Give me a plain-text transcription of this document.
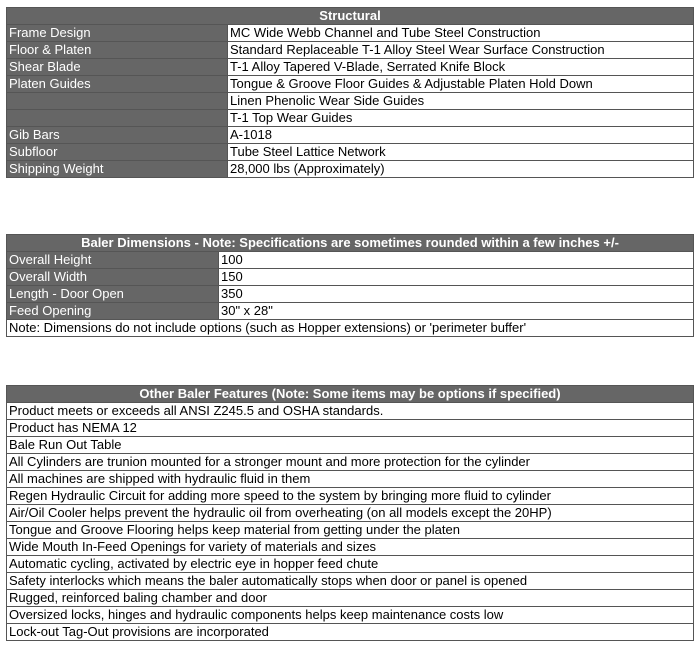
Structural	
Frame Design	MC Wide Webb Channel and Tube Steel Construction
Floor & Platen	Standard Replaceable T-1 Alloy Steel Wear Surface Construction
Shear Blade	T-1 Alloy Tapered V-Blade, Serrated Knife Block
Platen Guides	Tongue & Groove Floor Guides & Adjustable Platen Hold Down
	Linen Phenolic Wear Side Guides
	T-1 Top Wear Guides
Gib Bars	A-1018
Subfloor	Tube Steel Lattice Network
Shipping Weight	28,000 lbs (Approximately)
Baler Dimensions - Note: Specifications are sometimes rounded within a few inches +/-	
Overall Height	100
Overall Width	150
Length - Door Open	350
Feed Opening	30" x 28"
Note: Dimensions do not include options (such as Hopper extensions) or 'perimeter buffer'	
Other Baler Features (Note: Some items may be options if specified)
Product meets or exceeds all ANSI Z245.5 and OSHA standards.
Product has NEMA 12
Bale Run Out Table
All Cylinders are trunion mounted for a stronger mount and more protection for the cylinder
All machines are shipped with hydraulic fluid in them
Regen Hydraulic Circuit for adding more speed to the system by bringing more fluid to cylinder
Air/Oil Cooler helps prevent the hydraulic oil from overheating (on all models except the 20HP)
Tongue and Groove Flooring helps keep material from getting under the platen
Wide Mouth In-Feed Openings for variety of materials and sizes
Automatic cycling, activated by electric eye in hopper feed chute
Safety interlocks which means the baler automatically stops when door or panel is opened
Rugged, reinforced baling chamber and door
Oversized locks, hinges and hydraulic components helps keep maintenance costs low
Lock-out Tag-Out provisions are incorporated
